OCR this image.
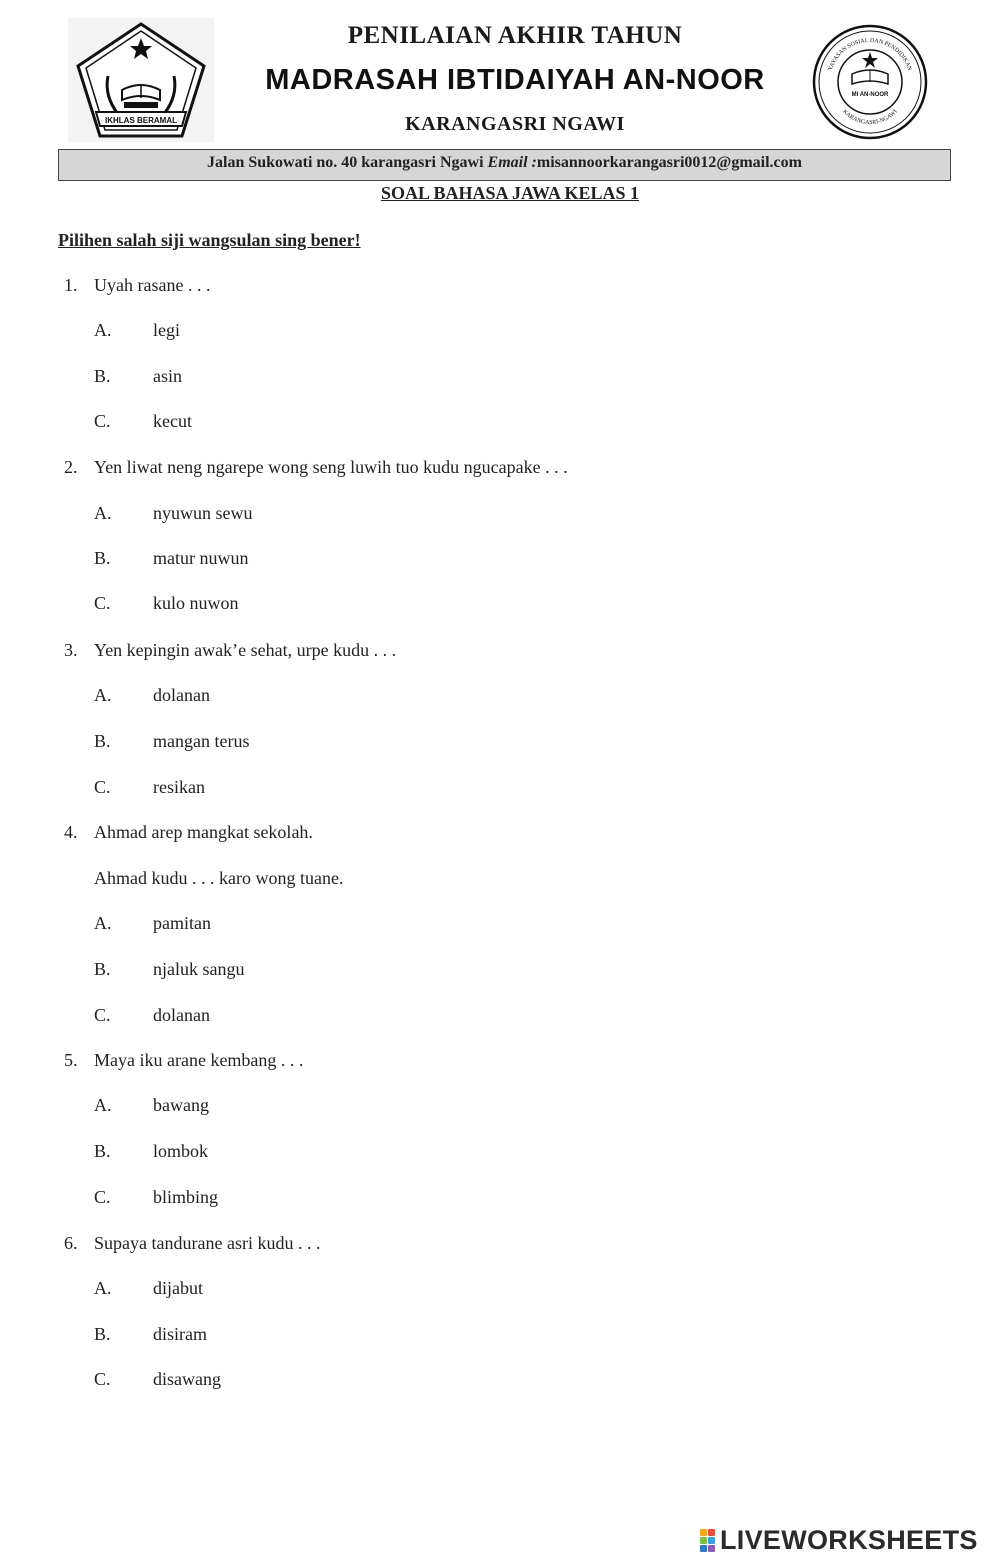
IKHLAS BERAMAL
YAYASAN SOSIAL DAN PENDIDIKAN
MI AN-NOOR
KARANGASRI-NGAWI
PENILAIAN AKHIR TAHUN
MADRASAH IBTIDAIYAH AN-NOOR
KARANGASRI NGAWI
Jalan Sukowati no. 40 karangasri Ngawi Email :misannoorkarangasri0012@gmail.com
SOAL BAHASA JAWA KELAS 1
Pilihen salah siji wangsulan sing bener!
1. Uyah rasane . . .
A. legi
B. asin
C. kecut
2. Yen liwat neng ngarepe wong seng luwih tuo kudu ngucapake . . .
A. nyuwun sewu
B. matur nuwun
C. kulo nuwon
3. Yen kepingin awak’e sehat, urpe kudu . . .
A. dolanan
B. mangan terus
C. resikan
4. Ahmad arep mangkat sekolah.
Ahmad kudu . . . karo wong tuane.
A. pamitan
B. njaluk sangu
C. dolanan
5. Maya iku arane kembang . . .
A. bawang
B. lombok
C. blimbing
6. Supaya tandurane asri kudu . . .
A. dijabut
B. disiram
C. disawang
LIVEWORKSHEETS
